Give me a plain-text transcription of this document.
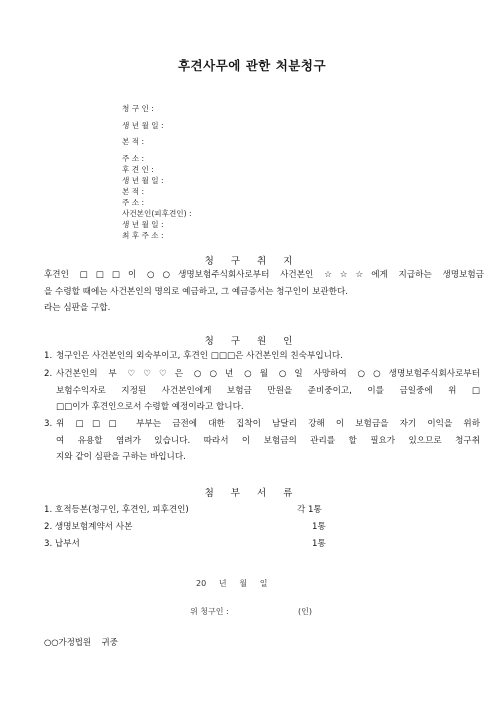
후견사무에 관한 처분청구
청 구 인 :
생 년 월 일 :
본 적 :
주 소 :
후 견 인 :
생 년 월 일 :
본 적 :
주 소 :
사건본인(피후견인) :
생 년 월 일 :
최 후 주 소 :
청 구 취 지

후견인 □□□이 ○○생명보험주식회사로부터 사건본인 ☆☆☆에게 지급하는 생명보험금

을 수령할 때에는 사건본인의 명의로 예금하고, 그 예금증서는 청구인이 보관한다.

라는 심판을 구합.

청 구 원 인
1. 청구인은 사건본인의 외숙부이고, 후견인 □□□은 사건본인의 친숙부입니다.
2. 사건본인의 부 ♡♡♡은 ○○년 ○월 ○일 사망하여 ○○생명보험주식회사로부터
보험수익자로 지정된 사건본인에게 보험금 만원을 준비중이고, 이를 금일중에 위 □
□□이가 후견인으로서 수령할 예정이라고 합니다.
3. 위 □□□ 부부는 금전에 대한 집착이 남달리 강해 이 보험금을 자기 이익을 위하
여 유용할 염려가 있습니다. 따라서 이 보험금의 관리를 할 필요가 있으므로 청구취
지와 같이 심판을 구하는 바입니다.
첨 부 서 류
1. 호적등본(청구인, 후견인, 피후견인)	각 1통
2. 생명보험계약서 사본	1통
3. 납부서	1통
20     년     월     일
위 청구인 :	(인)
○○가정법원    귀중
